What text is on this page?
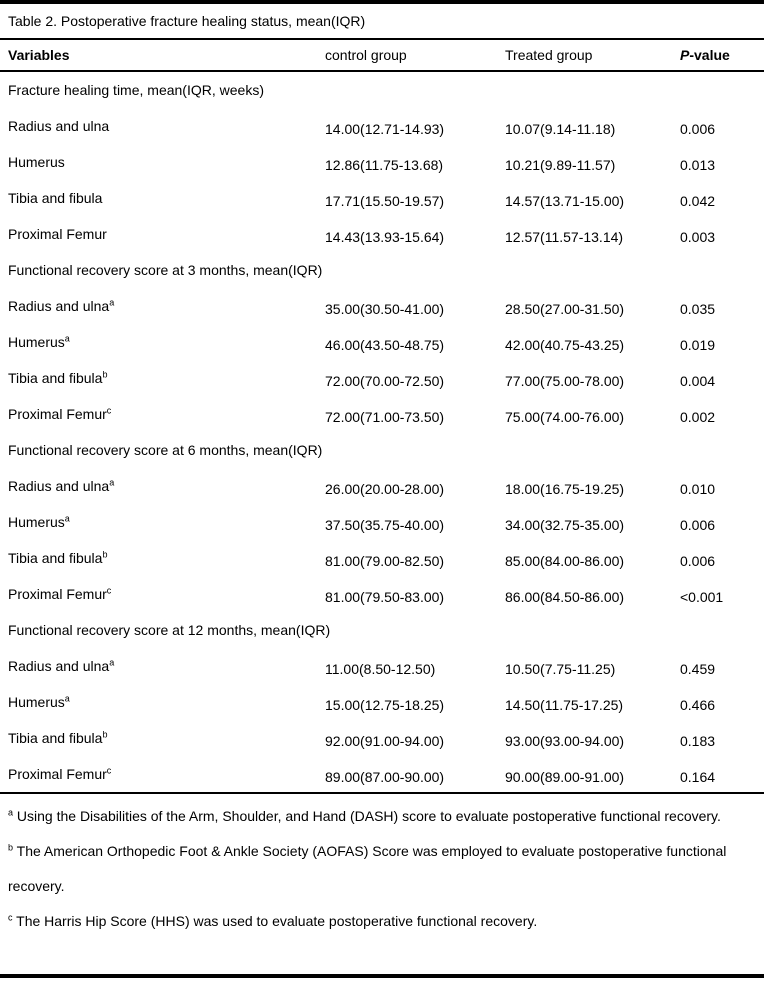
Table 2. Postoperative fracture healing status, mean(IQR)
Variables	control group	Treated group	P-value
Fracture healing time, mean(IQR, weeks)
Radius and ulna	14.00(12.71-14.93)	10.07(9.14-11.18)	0.006
Humerus	12.86(11.75-13.68)	10.21(9.89-11.57)	0.013
Tibia and fibula	17.71(15.50-19.57)	14.57(13.71-15.00)	0.042
Proximal Femur	14.43(13.93-15.64)	12.57(11.57-13.14)	0.003
Functional recovery score at 3 months, mean(IQR)
Radius and ulna$^a$	35.00(30.50-41.00)	28.50(27.00-31.50)	0.035
Humerus$^a$	46.00(43.50-48.75)	42.00(40.75-43.25)	0.019
Tibia and fibula$^b$	72.00(70.00-72.50)	77.00(75.00-78.00)	0.004
Proximal Femur$^c$	72.00(71.00-73.50)	75.00(74.00-76.00)	0.002
Functional recovery score at 6 months, mean(IQR)
Radius and ulna$^a$	26.00(20.00-28.00)	18.00(16.75-19.25)	0.010
Humerus$^a$	37.50(35.75-40.00)	34.00(32.75-35.00)	0.006
Tibia and fibula$^b$	81.00(79.00-82.50)	85.00(84.00-86.00)	0.006
Proximal Femur$^c$	81.00(79.50-83.00)	86.00(84.50-86.00)	<0.001
Functional recovery score at 12 months, mean(IQR)
Radius and ulna$^a$	11.00(8.50-12.50)	10.50(7.75-11.25)	0.459
Humerus$^a$	15.00(12.75-18.25)	14.50(11.75-17.25)	0.466
Tibia and fibula$^b$	92.00(91.00-94.00)	93.00(93.00-94.00)	0.183
Proximal Femur$^c$	89.00(87.00-90.00)	90.00(89.00-91.00)	0.164
$^a$ Using the Disabilities of the Arm, Shoulder, and Hand (DASH) score to evaluate postoperative functional recovery.
$^b$ The American Orthopedic Foot & Ankle Society (AOFAS) Score was employed to evaluate postoperative functional recovery.
$^c$ The Harris Hip Score (HHS) was used to evaluate postoperative functional recovery.
